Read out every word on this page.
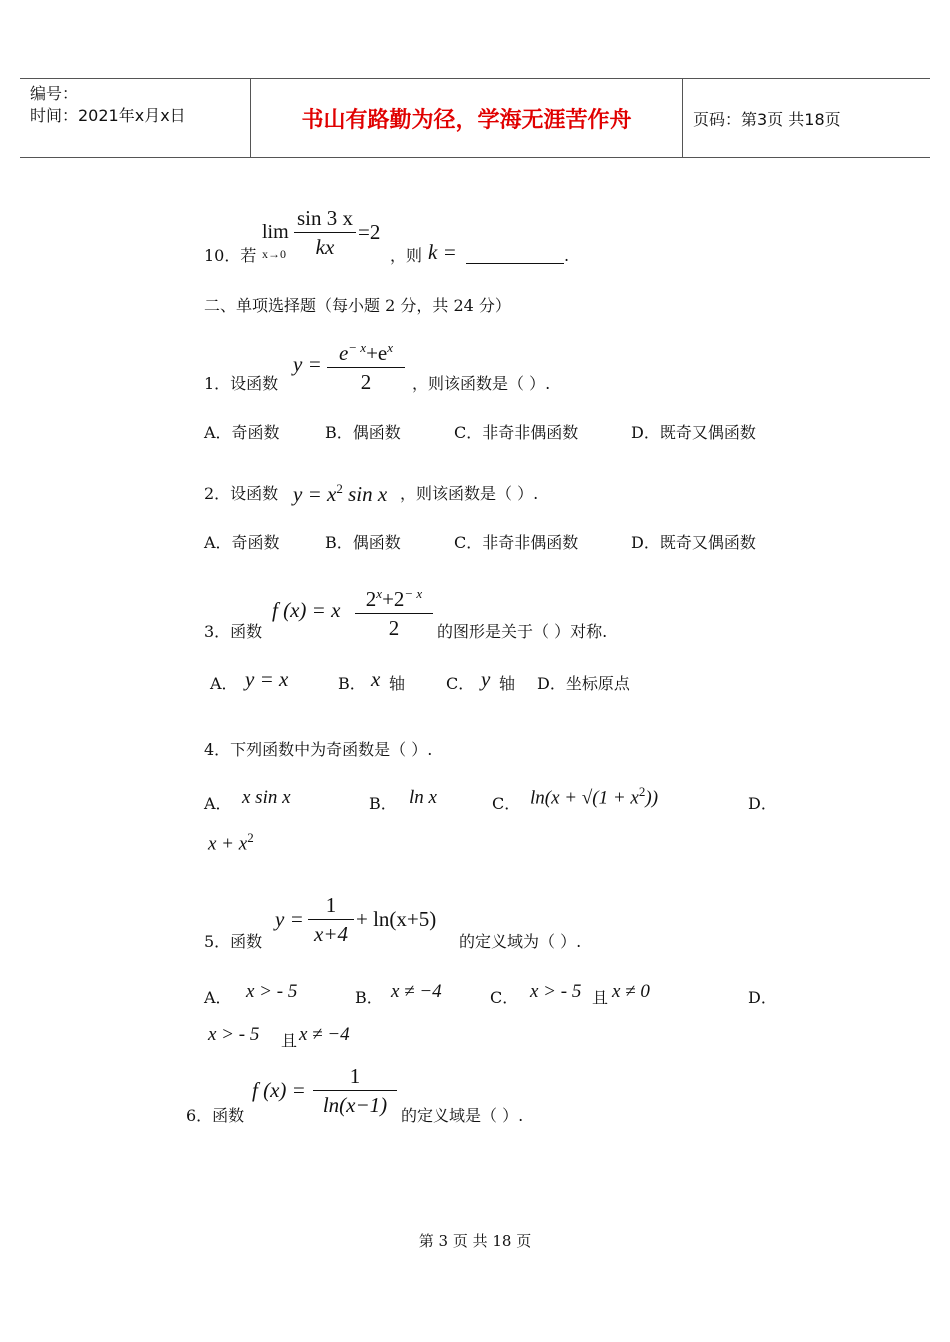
编号：
时间：2021年x月x日	书山有路勤为径，学海无涯苦作舟	页码：第3页 共18页
10．若
lim
x→0
sin 3 x
kx
=2
，则 k =	.
二、单项选择题（每小题 2 分，共 24 分）
1．设函数
$y = e^{- x}+e^x$
2	，则该函数是（ ）.
A．奇函数	B．偶函数	C．非奇非偶函数	D．既奇又偶函数
2．设函数 $y = x^2$ sin x ，则该函数是（ ）.
A．奇函数	B．偶函数	C．非奇非偶函数	D．既奇又偶函数
3．函数
f (x) = x	$2^x+2^{- x}$
2	的图形是关于（ ）对称.
A． y = x	B． x 轴	C． y 轴 D．坐标原点
4．下列函数中为奇函数是（ ）.
A． x sin x	B． ln x	C． $\ln(x + √(1 + x^2))$	D．
$x + x^2$
5．函数
y =
1
x+4
+ ln(x+5)
的定义域为（ ）.
A． x > - 5	B． x ≠ −4	C． x > - 5 且 x ≠ 0	D．
x > - 5 且 x ≠ −4
6．函数
f (x) =
1
ln(x−1) 的定义域是（ ）.
第 3 页 共 18 页
